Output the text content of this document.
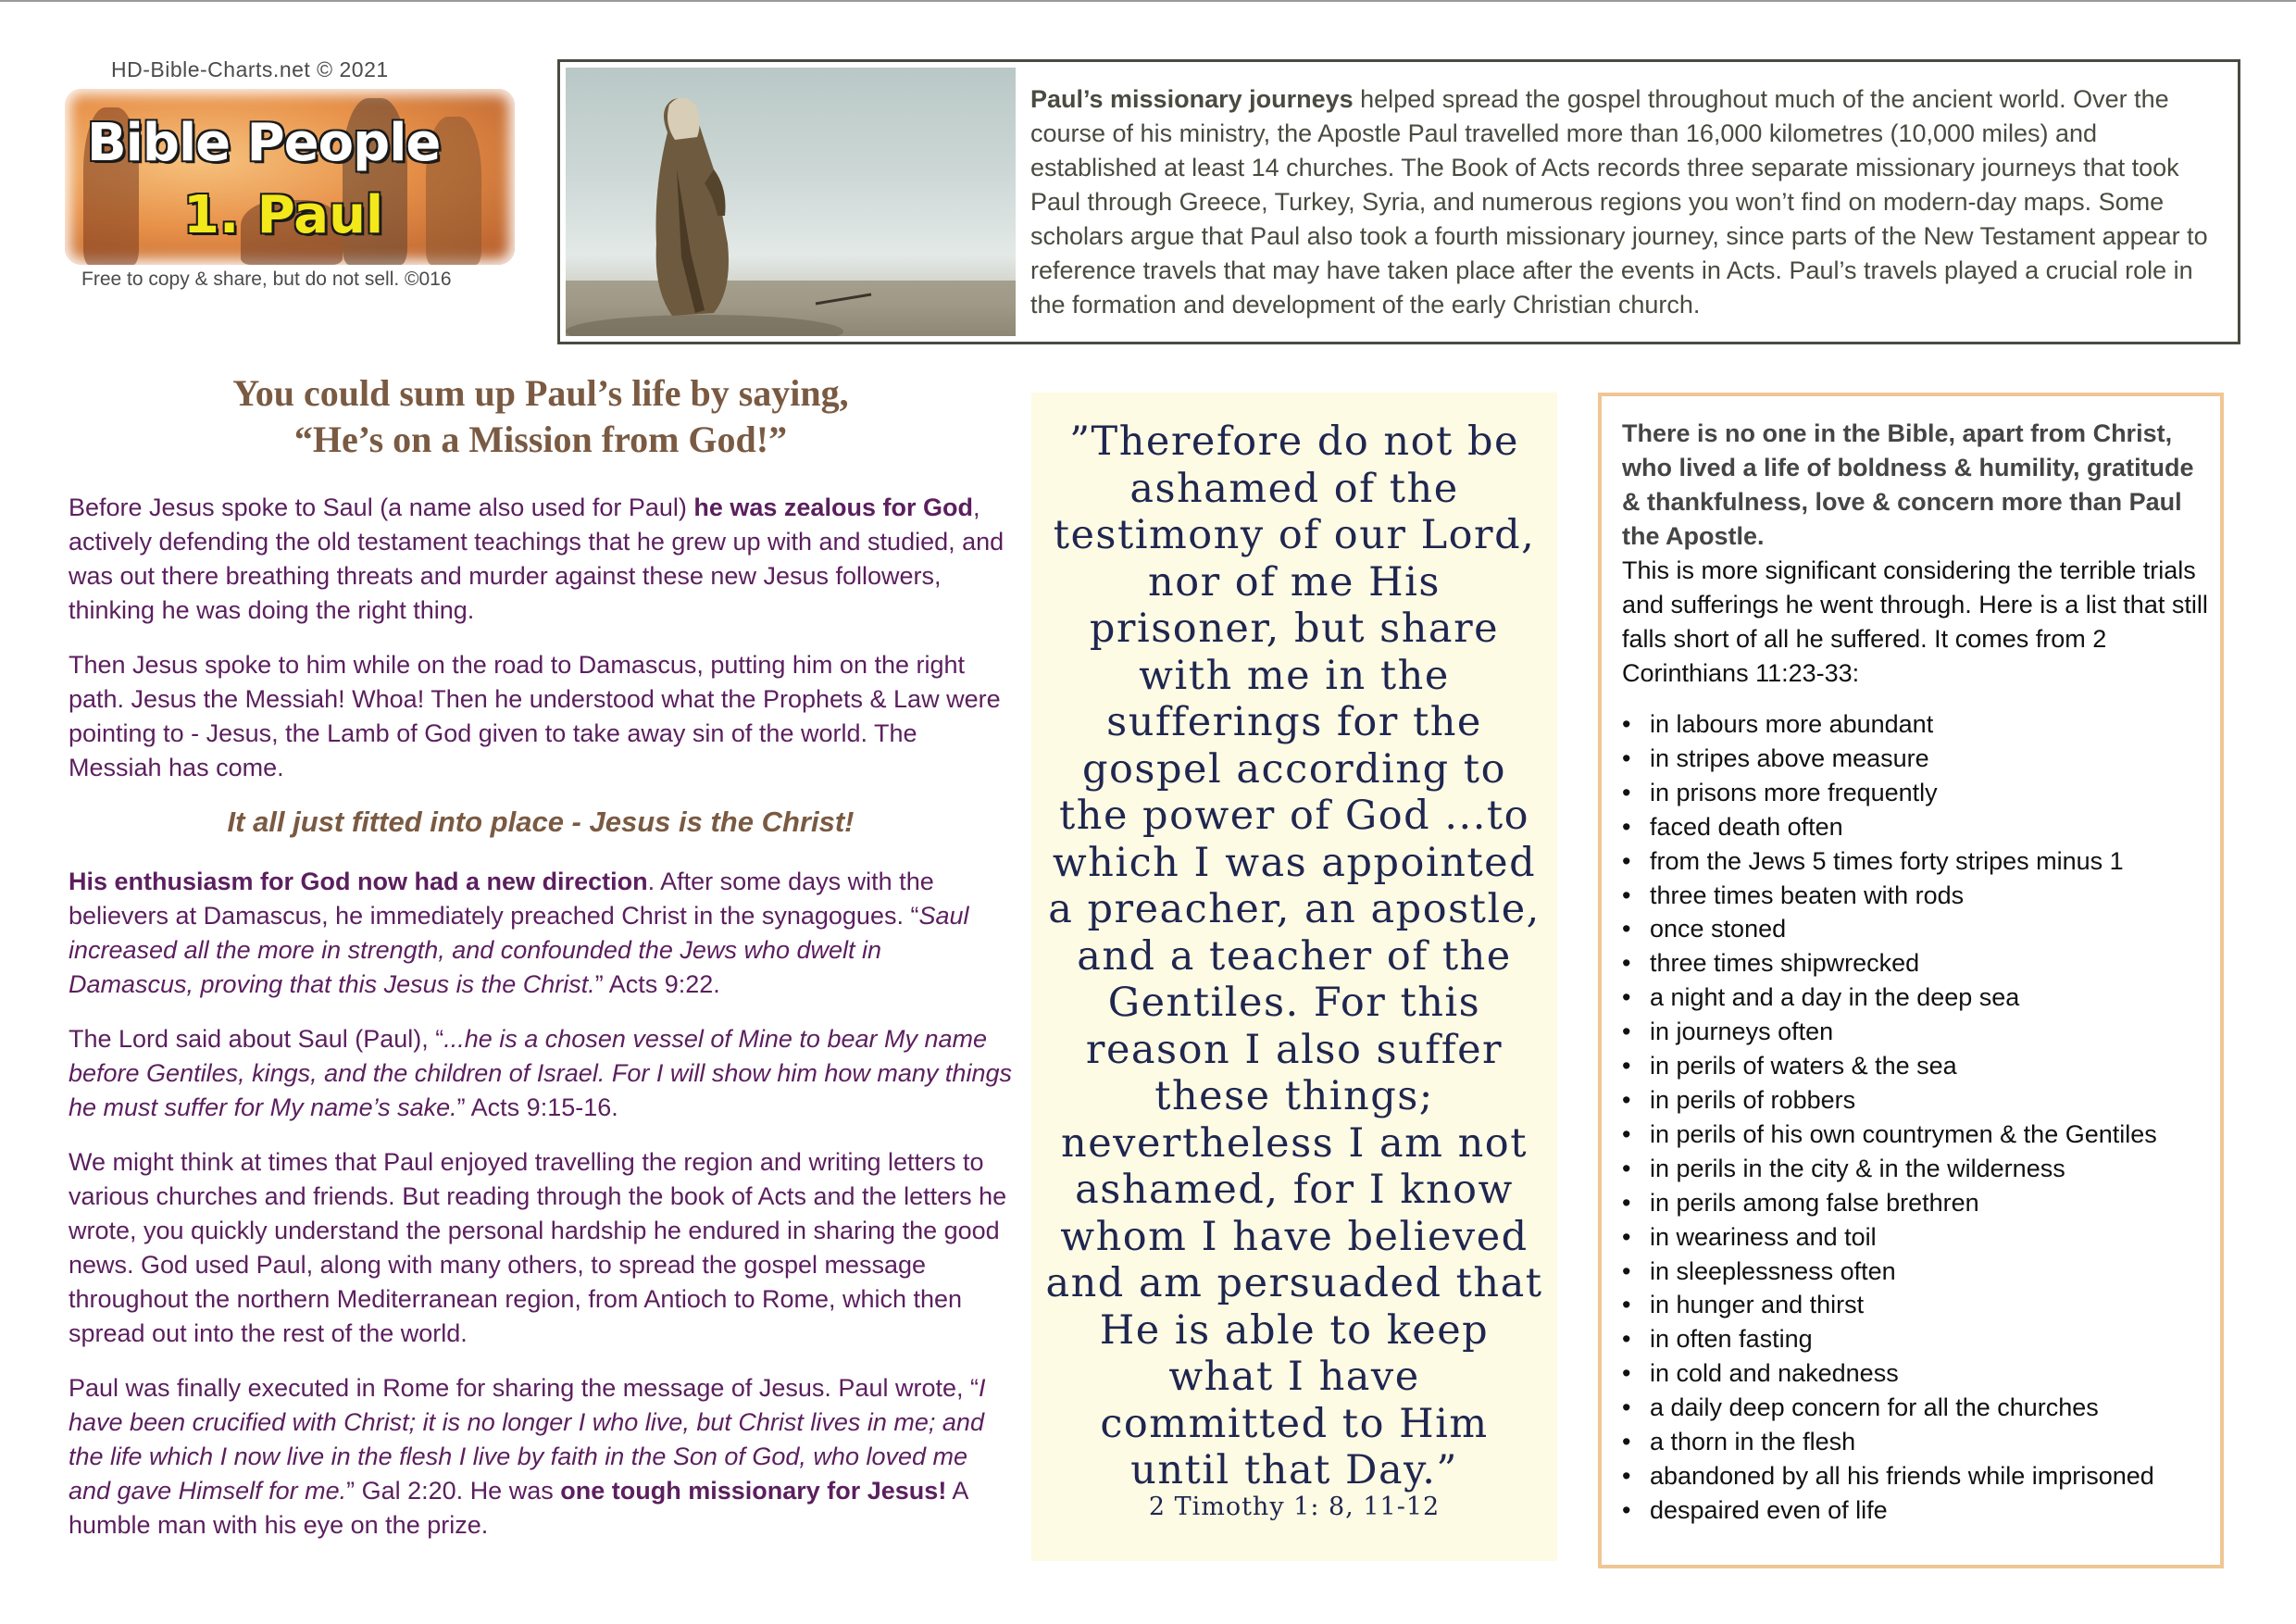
HD-Bible-Charts.net © 2021
Bible People
1. Paul
Free to copy & share, but do not sell. ©016
Paul’s missionary journeys helped spread the gospel throughout much of the ancient world. Over the course of his ministry, the Apostle Paul travelled more than 16,000 kilometres (10,000 miles) and established at least 14 churches. The Book of Acts records three separate missionary journeys that took Paul through Greece, Turkey, Syria, and numerous regions you won’t find on modern-day maps. Some scholars argue that Paul also took a fourth missionary journey, since parts of the New Testament appear to reference travels that may have taken place after the events in Acts. Paul’s travels played a crucial role in the formation and development of the early Christian church.
You could sum up Paul’s life by saying,
“He’s on a Mission from God!”

Before Jesus spoke to Saul (a name also used for Paul) he was zealous for God, actively defending the old testament teachings that he grew up with and studied, and was out there breathing threats and murder against these new Jesus followers, thinking he was doing the right thing.

Then Jesus spoke to him while on the road to Damascus, putting him on the right path. Jesus the Messiah! Whoa! Then he understood what the Prophets & Law were pointing to - Jesus, the Lamb of God given to take away sin of the world. The Messiah has come.

It all just fitted into place - Jesus is the Christ!

His enthusiasm for God now had a new direction. After some days with the believers at Damascus, he immediately preached Christ in the synagogues. “Saul increased all the more in strength, and confounded the Jews who dwelt in Damascus, proving that this Jesus is the Christ.” Acts 9:22.

The Lord said about Saul (Paul), “...he is a chosen vessel of Mine to bear My name before Gentiles, kings, and the children of Israel. For I will show him how many things he must suffer for My name’s sake.” Acts 9:15-16.

We might think at times that Paul enjoyed travelling the region and writing letters to various churches and friends. But reading through the book of Acts and the letters he wrote, you quickly understand the personal hardship he endured in sharing the good news. God used Paul, along with many others, to spread the gospel message throughout the northern Mediterranean region, from Antioch to Rome, which then spread out into the rest of the world.

Paul was finally executed in Rome for sharing the message of Jesus. Paul wrote, “I have been crucified with Christ; it is no longer I who live, but Christ lives in me; and the life which I now live in the flesh I live by faith in the Son of God, who loved me and gave Himself for me.” Gal 2:20. He was one tough missionary for Jesus! A humble man with his eye on the prize.

”Therefore do not be
ashamed of the
testimony of our Lord,
nor of me His
prisoner, but share
with me in the
sufferings for the
gospel according to
the power of God ...to
which I was appointed
a preacher, an apostle,
and a teacher of the
Gentiles. For this
reason I also suffer
these things;
nevertheless I am not
ashamed, for I know
whom I have believed
and am persuaded that
He is able to keep
what I have
committed to Him
until that Day.”
2 Timothy 1: 8, 11-12
There is no one in the Bible, apart from Christ, who lived a life of boldness & humility, gratitude & thankfulness, love & concern more than Paul the Apostle.
This is more significant considering the terrible trials and sufferings he went through. Here is a list that still falls short of all he suffered. It comes from 2 Corinthians 11:23-33:
• in labours more abundant
• in stripes above measure
• in prisons more frequently
• faced death often
• from the Jews 5 times forty stripes minus 1
• three times beaten with rods
• once stoned
• three times shipwrecked
• a night and a day in the deep sea
• in journeys often
• in perils of waters & the sea
• in perils of robbers
• in perils of his own countrymen & the Gentiles
• in perils in the city & in the wilderness
• in perils among false brethren
• in weariness and toil
• in sleeplessness often
• in hunger and thirst
• in often fasting
• in cold and nakedness
• a daily deep concern for all the churches
• a thorn in the flesh
• abandoned by all his friends while imprisoned
• despaired even of life
